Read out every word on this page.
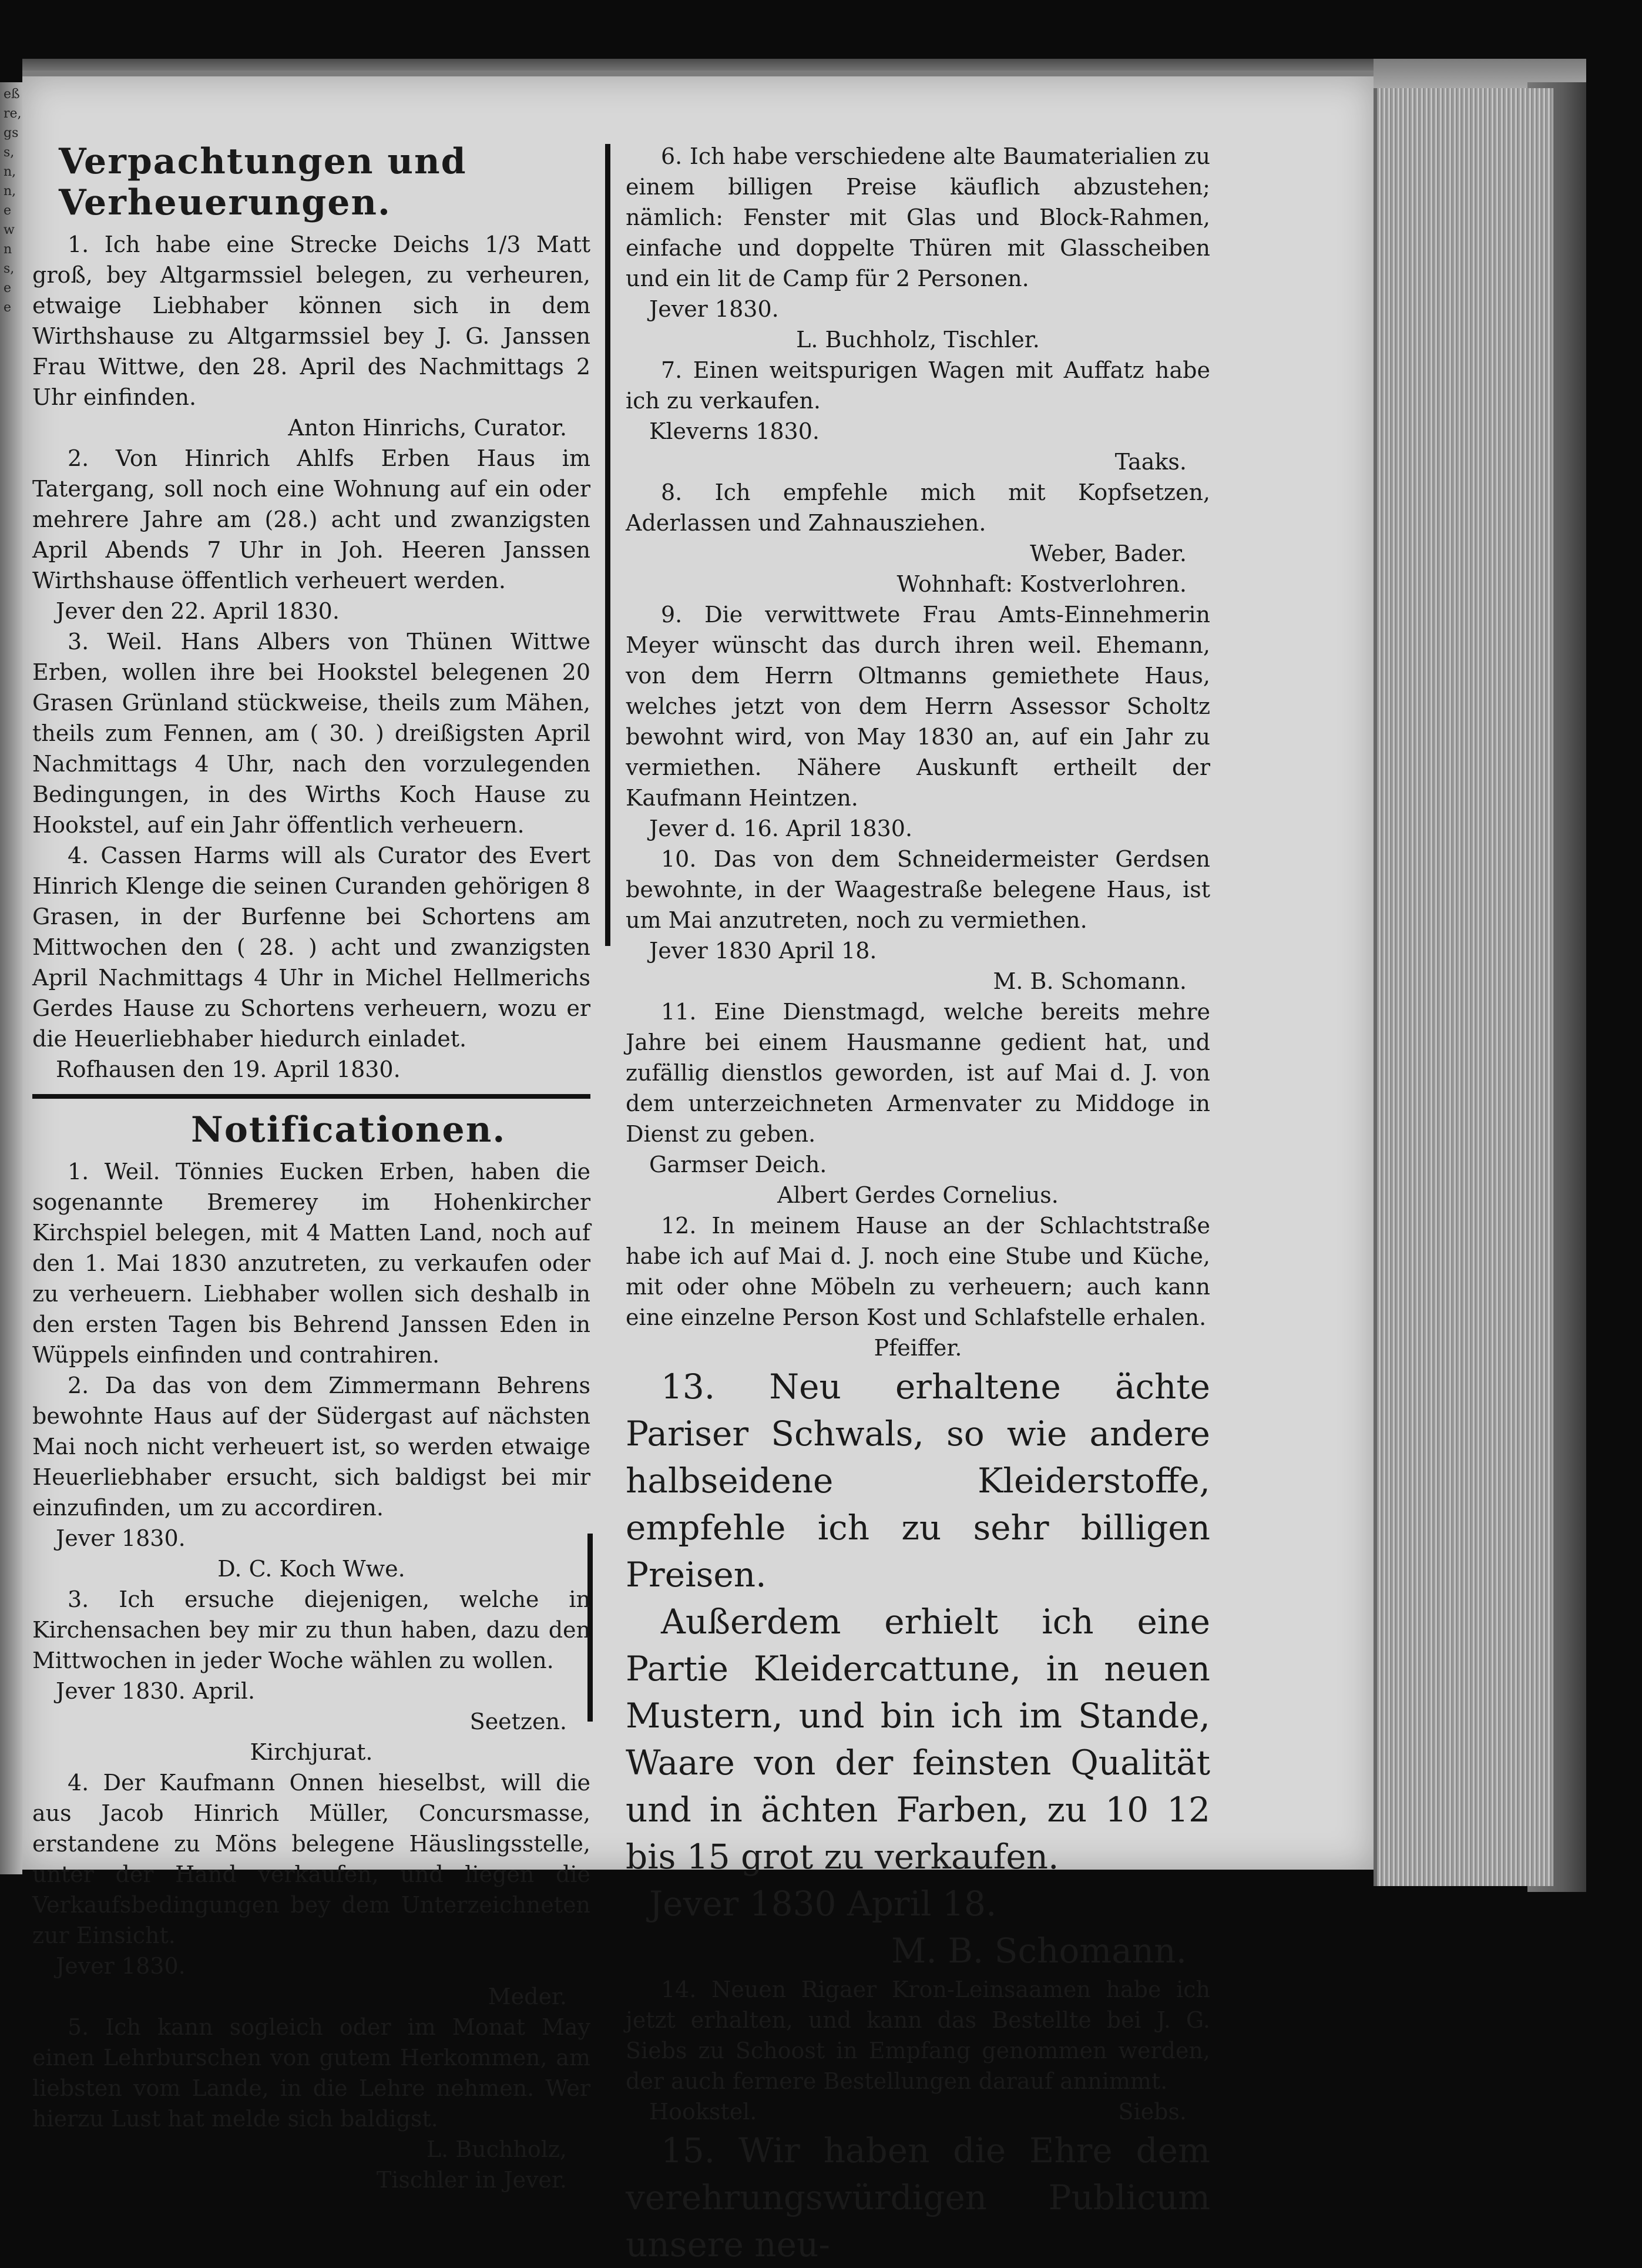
eß
re,
gs
s,
n,
n,
e
w
n
s,
e
e
Verpachtungen und Verheuerungen.

1. Ich habe eine Strecke Deichs 1/3 Matt groß, bey Altgarmssiel belegen, zu verheuren, etwaige Liebhaber können sich in dem Wirthshause zu Altgarmssiel bey J. G. Janssen Frau Wittwe, den 28. April des Nachmittags 2 Uhr einfinden.

Anton Hinrichs, Curator.

2. Von Hinrich Ahlfs Erben Haus im Tatergang, soll noch eine Wohnung auf ein oder mehrere Jahre am (28.) acht und zwanzigsten April Abends 7 Uhr in Joh. Heeren Janssen Wirthshause öffentlich verheuert werden.

Jever den 22. April 1830.

3. Weil. Hans Albers von Thünen Wittwe Erben, wollen ihre bei Hookstel belegenen 20 Grasen Grünland stückweise, theils zum Mähen, theils zum Fennen, am ( 30. ) dreißigsten April Nachmittags 4 Uhr, nach den vorzulegenden Bedingungen, in des Wirths Koch Hause zu Hookstel, auf ein Jahr öffentlich verheuern.

4. Cassen Harms will als Curator des Evert Hinrich Klenge die seinen Curanden gehörigen 8 Grasen, in der Burfenne bei Schortens am Mittwochen den ( 28. ) acht und zwanzigsten April Nachmittags 4 Uhr in Michel Hellmerichs Gerdes Hause zu Schortens verheuern, wozu er die Heuerliebhaber hiedurch einladet.

Rofhausen den 19. April 1830.

Notificationen.

1. Weil. Tönnies Eucken Erben, haben die sogenannte Bremerey im Hohenkircher Kirchspiel belegen, mit 4 Matten Land, noch auf den 1. Mai 1830 anzutreten, zu verkaufen oder zu verheuern. Liebhaber wollen sich deshalb in den ersten Tagen bis Behrend Janssen Eden in Wüppels einfinden und contrahiren.

2. Da das von dem Zimmermann Behrens bewohnte Haus auf der Südergast auf nächsten Mai noch nicht verheuert ist, so werden etwaige Heuerliebhaber ersucht, sich baldigst bei mir einzufinden, um zu accordiren.

Jever 1830.

D. C. Koch Wwe.

3. Ich ersuche diejenigen, welche in Kirchensachen bey mir zu thun haben, dazu den Mittwochen in jeder Woche wählen zu wollen.

Jever 1830. April.

Seetzen.

Kirchjurat.

4. Der Kaufmann Onnen hieselbst, will die aus Jacob Hinrich Müller, Concursmasse, erstandene zu Möns belegene Häuslingsstelle, unter der Hand verkaufen, und liegen die Verkaufsbedingungen bey dem Unterzeichneten zur Einsicht.

Jever 1830.

Meder.

5. Ich kann sogleich oder im Monat May einen Lehrburschen von gutem Herkommen, am liebsten vom Lande, in die Lehre nehmen. Wer hierzu Lust hat melde sich baldigst.

L. Buchholz,

Tischler in Jever.

6. Ich habe verschiedene alte Baumaterialien zu einem billigen Preise käuflich abzustehen; nämlich: Fenster mit Glas und Block-Rahmen, einfache und doppelte Thüren mit Glasscheiben und ein lit de Camp für 2 Personen.

Jever 1830.

L. Buchholz, Tischler.

7. Einen weitspurigen Wagen mit Auffatz habe ich zu verkaufen.

Kleverns 1830.

Taaks.

8. Ich empfehle mich mit Kopfsetzen, Aderlassen und Zahnausziehen.

Weber, Bader.

Wohnhaft: Kostverlohren.

9. Die verwittwete Frau Amts-Einnehmerin Meyer wünscht das durch ihren weil. Ehemann, von dem Herrn Oltmanns gemiethete Haus, welches jetzt von dem Herrn Assessor Scholtz bewohnt wird, von May 1830 an, auf ein Jahr zu vermiethen. Nähere Auskunft ertheilt der Kaufmann Heintzen.

Jever d. 16. April 1830.

10. Das von dem Schneidermeister Gerdsen bewohnte, in der Waagestraße belegene Haus, ist um Mai anzutreten, noch zu vermiethen.

Jever 1830 April 18.

M. B. Schomann.

11. Eine Dienstmagd, welche bereits mehre Jahre bei einem Hausmanne gedient hat, und zufällig dienstlos geworden, ist auf Mai d. J. von dem unterzeichneten Armenvater zu Middoge in Dienst zu geben.

Garmser Deich.

Albert Gerdes Cornelius.

12. In meinem Hause an der Schlachtstraße habe ich auf Mai d. J. noch eine Stube und Küche, mit oder ohne Möbeln zu verheuern; auch kann eine einzelne Person Kost und Schlafstelle erhalen.

Pfeiffer.

13. Neu erhaltene ächte Pariser Schwals, so wie andere halbseidene Kleiderstoffe, empfehle ich zu sehr billigen Preisen.

Außerdem erhielt ich eine Partie Kleidercattune, in neuen Mustern, und bin ich im Stande, Waare von der feinsten Qualität und in ächten Farben, zu 10 12 bis 15 grot zu verkaufen.

Jever 1830 April 18.

M. B. Schomann.

14. Neuen Rigaer Kron-Leinsaamen habe ich jetzt erhalten, und kann das Bestellte bei J. G. Siebs zu Schoost in Empfang genommen werden, der auch fernere Bestellungen darauf annimmt.

Hookstel.	Siebs.

15. Wir haben die Ehre dem verehrungswürdigen Publicum unsere neu-
